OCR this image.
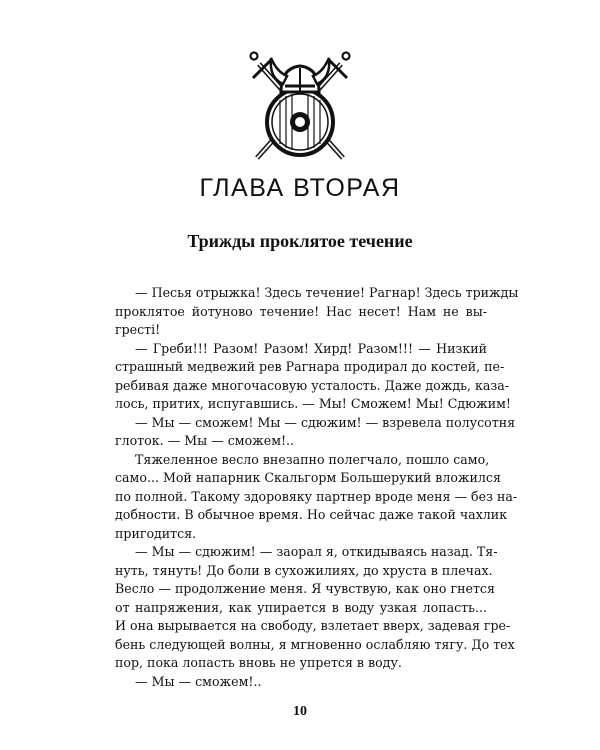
ГЛАВА ВТОРАЯ
Трижды проклятое течение
— Песья отрыжка! Здесь течение! Рагнар! Здесь трижды
проклятое йотуново течение! Нас несет! Нам не вы-
гресті!
— Греби!!! Разом! Разом! Хирд! Разом!!! — Низкий
страшный медвежий рев Рагнара продирал до костей, пе-
ребивая даже многочасовую усталость. Даже дождь, каза-
лось, притих, испугавшись. — Мы! Сможем! Мы! Сдюжим!
— Мы — сможем! Мы — сдюжим! — взревела полусотня
глоток. — Мы — сможем!..
Тяжеленное весло внезапно полегчало, пошло само,
само... Мой напарник Скальгорм Большерукий вложился
по полной. Такому здоровяку партнер вроде меня — без на-
добности. В обычное время. Но сейчас даже такой чахлик
пригодится.
— Мы — сдюжим! — заорал я, откидываясь назад. Тя-
нуть, тянуть! До боли в сухожилиях, до хруста в плечах.
Весло — продолжение меня. Я чувствую, как оно гнется
от напряжения, как упирается в воду узкая лопасть...
И она вырывается на свободу, взлетает вверх, задевая гре-
бень следующей волны, я мгновенно ослабляю тягу. До тех
пор, пока лопасть вновь не упрется в воду.
— Мы — сможем!..
10
